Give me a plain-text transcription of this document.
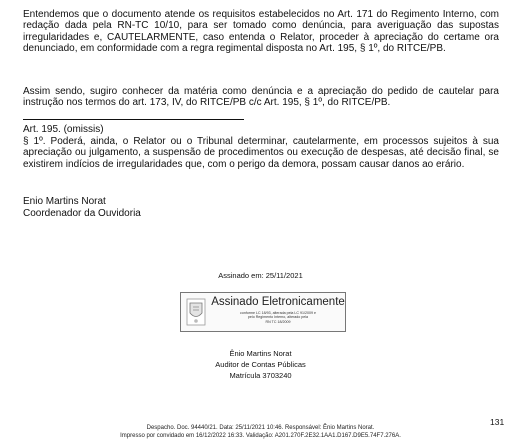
Entendemos que o documento atende os requisitos estabelecidos no Art. 171 do Regimento Interno, com redação dada pela RN-TC 10/10, para ser tomado como denúncia, para averiguação das supostas irregularidades e, CAUTELARMENTE, caso entenda o Relator, proceder à apreciação do certame ora denunciado, em conformidade com a regra regimental disposta no Art. 195, § 1º, do RITCE/PB.

Assim sendo, sugiro conhecer da matéria como denúncia e a apreciação do pedido de cautelar para instrução nos termos do art. 173, IV, do RITCE/PB c/c Art. 195, § 1º, do RITCE/PB.

Art. 195. (omissis)

§ 1º. Poderá, ainda, o Relator ou o Tribunal determinar, cautelarmente, em processos sujeitos à sua apreciação ou julgamento, a suspensão de procedimentos ou execução de despesas, até decisão final, se existirem indícios de irregularidades que, com o perigo da demora, possam causar danos ao erário.

Enio Martins Norat
Coordenador da Ouvidoria
Assinado em: 25/11/2021
Assinado Eletronicamente
conforme LC 18/93, alterada pela LC 91/2009 e
pelo Regimento Interno, alterado pela
RN TC 18/2009
Ênio Martins Norat
Auditor de Contas Públicas
Matrícula 3703240
131
Despacho. Doc. 94440/21. Data: 25/11/2021 10:46. Responsável: Ênio Martins Norat.
Impresso por convidado em 16/12/2022 16:33. Validação: A201.270F.2E32.1AA1.D167.D9E5.74F7.276A.
